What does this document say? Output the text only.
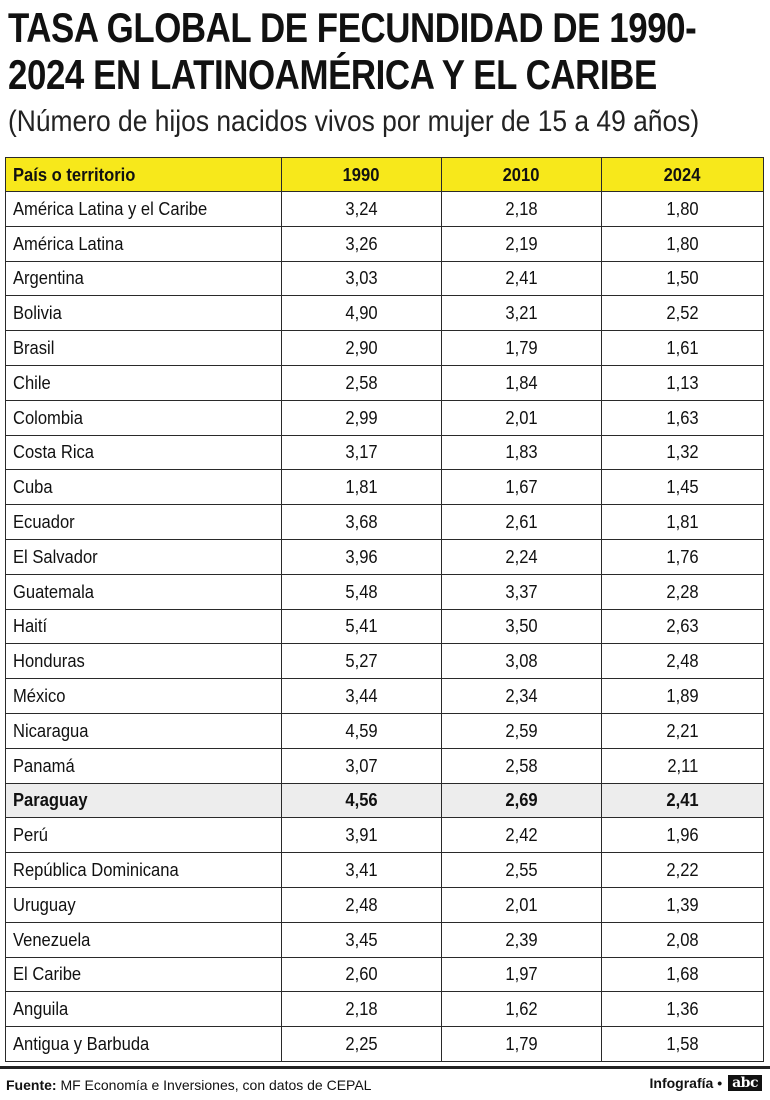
TASA GLOBAL DE FECUNDIDAD DE 1990-2024 EN LATINOAMÉRICA Y EL CARIBE
(Número de hijos nacidos vivos por mujer de 15 a 49 años)
País o territorio	1990	2010	2024
América Latina y el Caribe	3,24	2,18	1,80
América Latina	3,26	2,19	1,80
Argentina	3,03	2,41	1,50
Bolivia	4,90	3,21	2,52
Brasil	2,90	1,79	1,61
Chile	2,58	1,84	1,13
Colombia	2,99	2,01	1,63
Costa Rica	3,17	1,83	1,32
Cuba	1,81	1,67	1,45
Ecuador	3,68	2,61	1,81
El Salvador	3,96	2,24	1,76
Guatemala	5,48	3,37	2,28
Haití	5,41	3,50	2,63
Honduras	5,27	3,08	2,48
México	3,44	2,34	1,89
Nicaragua	4,59	2,59	2,21
Panamá	3,07	2,58	2,11
Paraguay	4,56	2,69	2,41
Perú	3,91	2,42	1,96
República Dominicana	3,41	2,55	2,22
Uruguay	2,48	2,01	1,39
Venezuela	3,45	2,39	2,08
El Caribe	2,60	1,97	1,68
Anguila	2,18	1,62	1,36
Antigua y Barbuda	2,25	1,79	1,58
Fuente: MF Economía e Inversiones, con datos de CEPAL	Infografía • abc
